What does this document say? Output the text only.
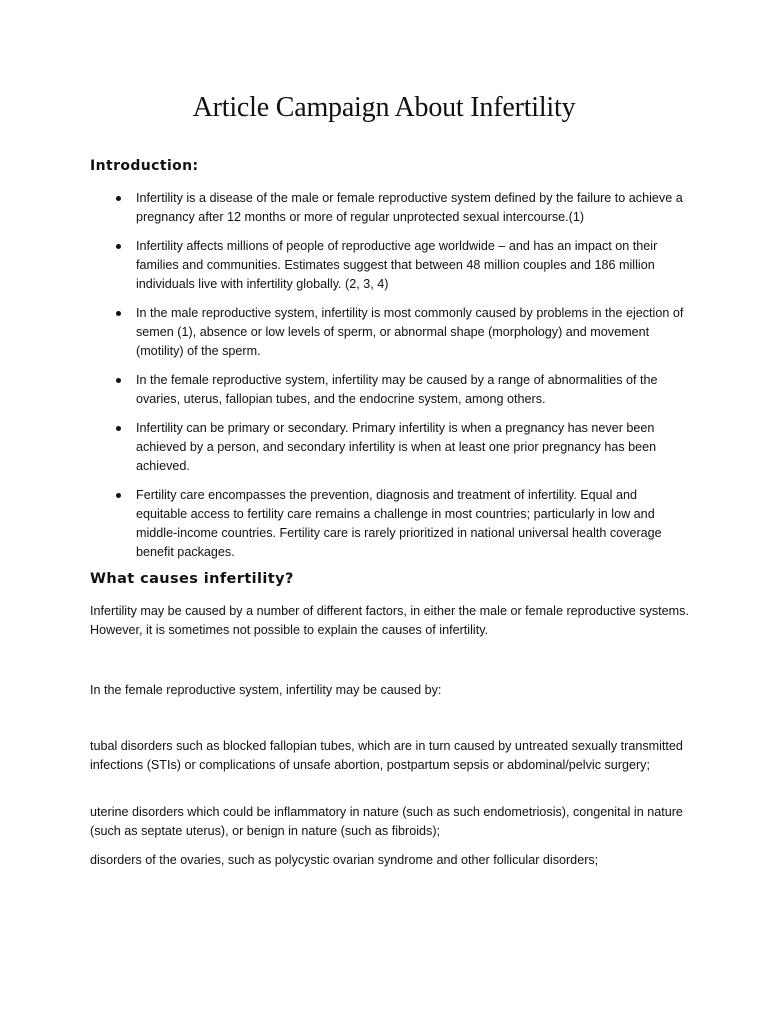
Article Campaign About Infertility
Introduction:
Infertility is a disease of the male or female reproductive system defined by the failure to achieve a pregnancy after 12 months or more of regular unprotected sexual intercourse.(1)
Infertility affects millions of people of reproductive age worldwide – and has an impact on their families and communities. Estimates suggest that between 48 million couples and 186 million individuals live with infertility globally. (2, 3, 4)
In the male reproductive system, infertility is most commonly caused by problems in the ejection of semen (1), absence or low levels of sperm, or abnormal shape (morphology) and movement (motility) of the sperm.
In the female reproductive system, infertility may be caused by a range of abnormalities of the ovaries, uterus, fallopian tubes, and the endocrine system, among others.
Infertility can be primary or secondary. Primary infertility is when a pregnancy has never been achieved by a person, and secondary infertility is when at least one prior pregnancy has been achieved.
Fertility care encompasses the prevention, diagnosis and treatment of infertility. Equal and equitable access to fertility care remains a challenge in most countries; particularly in low and middle-income countries. Fertility care is rarely prioritized in national universal health coverage benefit packages.
What causes infertility?

Infertility may be caused by a number of different factors, in either the male or female reproductive systems. However, it is sometimes not possible to explain the causes of infertility.

In the female reproductive system, infertility may be caused by:

tubal disorders such as blocked fallopian tubes, which are in turn caused by untreated sexually transmitted infections (STIs) or complications of unsafe abortion, postpartum sepsis or abdominal/pelvic surgery;

uterine disorders which could be inflammatory in nature (such as such endometriosis), congenital in nature (such as septate uterus), or benign in nature (such as fibroids);

disorders of the ovaries, such as polycystic ovarian syndrome and other follicular disorders;
